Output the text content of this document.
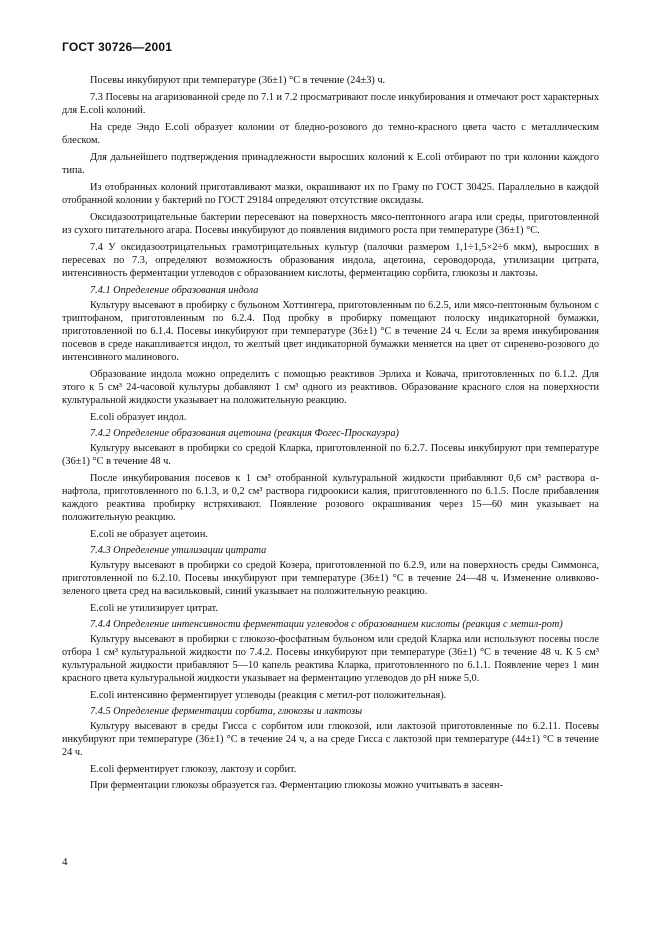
ГОСТ 30726—2001

Посевы инкубируют при температуре (36±1) °С в течение (24±3) ч.

7.3 Посевы на агаризованной среде по 7.1 и 7.2 просматривают после инкубирования и отмечают рост характерных для E.coli колоний.

На среде Эндо E.coli образует колонии от бледно-розового до темно-красного цвета часто с металлическим блеском.

Для дальнейшего подтверждения принадлежности выросших колоний к E.coli отбирают по три колонии каждого типа.

Из отобранных колоний приготавливают мазки, окрашивают их по Граму по ГОСТ 30425. Параллельно в каждой отобранной колонии у бактерий по ГОСТ 29184 определяют отсутствие оксидазы.

Оксидазоотрицательные бактерии пересевают на поверхность мясо-пептонного агара или среды, приготовленной из сухого питательного агара. Посевы инкубируют до появления видимого роста при температуре (36±1) °С.

7.4 У оксидазоотрицательных грамотрицательных культур (палочки размером 1,1÷1,5×2÷6 мкм), выросших в пересевах по 7.3, определяют возможность образования индола, ацетоина, сероводорода, утилизации цитрата, интенсивность ферментации углеводов с образованием кислоты, ферментацию сорбита, глюкозы и лактозы.

7.4.1 Определение образования индола

Культуру высевают в пробирку с бульоном Хоттингера, приготовленным по 6.2.5, или мясо-пептонным бульоном с триптофаном, приготовленным по 6.2.4. Под пробку в пробирку помещают полоску индикаторной бумажки, приготовленной по 6.1.4. Посевы инкубируют при температуре (36±1) °С в течение 24 ч. Если за время инкубирования посевов в среде накапливается индол, то желтый цвет индикаторной бумажки меняется на цвет от сиренево-розового до интенсивного малинового.

Образование индола можно определить с помощью реактивов Эрлиха и Ковача, приготовленных по 6.1.2. Для этого к 5 см³ 24-часовой культуры добавляют 1 см³ одного из реактивов. Образование красного слоя на поверхности культуральной жидкости указывает на положительную реакцию.

E.coli образует индол.

7.4.2 Определение образования ацетоина (реакция Фогес-Проскауэра)

Культуру высевают в пробирки со средой Кларка, приготовленной по 6.2.7. Посевы инкубируют при температуре (36±1) °С в течение 48 ч.

После инкубирования посевов к 1 см³ отобранной культуральной жидкости прибавляют 0,6 см³ раствора α-нафтола, приготовленного по 6.1.3, и 0,2 см³ раствора гидроокиси калия, приготовленного по 6.1.5. После прибавления каждого реактива пробирку встряхивают. Появление розового окрашивания через 15—60 мин указывает на положительную реакцию.

E.coli не образует ацетоин.

7.4.3 Определение утилизации цитрата

Культуру высевают в пробирки со средой Козера, приготовленной по 6.2.9, или на поверхность среды Симмонса, приготовленной по 6.2.10. Посевы инкубируют при температуре (36±1) °С в течение 24—48 ч. Изменение оливково-зеленого цвета сред на васильковый, синий указывает на положительную реакцию.

E.coli не утилизирует цитрат.

7.4.4 Определение интенсивности ферментации углеводов с образованием кислоты (реакция с метил-рот)

Культуру высевают в пробирки с глюкозо-фосфатным бульоном или средой Кларка или используют посевы после отбора 1 см³ культуральной жидкости по 7.4.2. Посевы инкубируют при температуре (36±1) °С в течение 48 ч. К 5 см³ культуральной жидкости прибавляют 5—10 капель реактива Кларка, приготовленного по 6.1.1. Появление через 1 мин красного цвета культуральной жидкости указывает на ферментацию углеводов до pH ниже 5,0.

E.coli интенсивно ферментирует углеводы (реакция с метил-рот положительная).

7.4.5 Определение ферментации сорбита, глюкозы и лактозы

Культуру высевают в среды Гисса с сорбитом или глюкозой, или лактозой приготовленные по 6.2.11. Посевы инкубируют при температуре (36±1) °С в течение 24 ч, а на среде Гисса с лактозой при температуре (44±1) °С в течение 24 ч.

E.coli ферментирует глюкозу, лактозу и сорбит.

При ферментации глюкозы образуется газ. Ферментацию глюкозы можно учитывать в засеян-

4
